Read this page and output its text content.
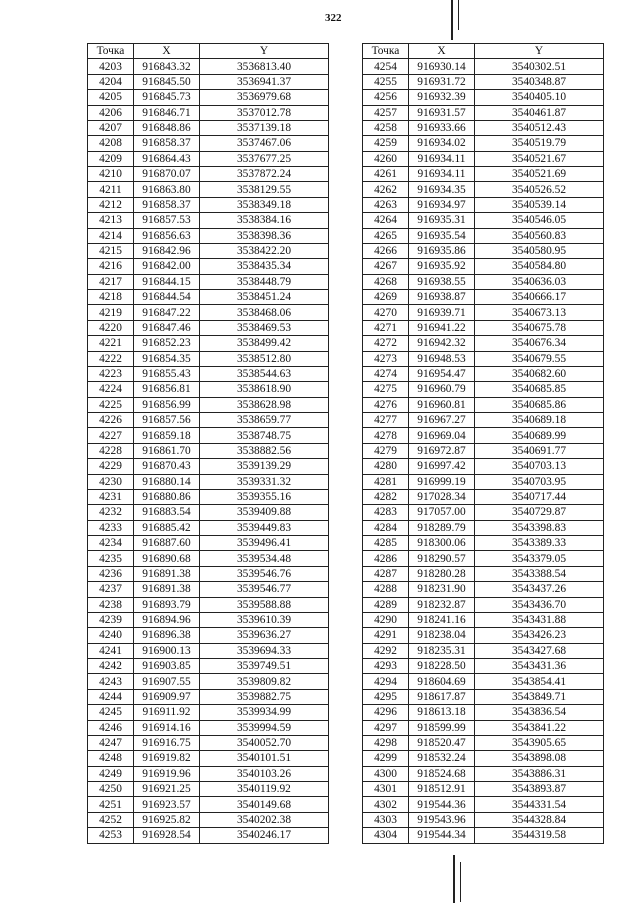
322
Точка	X	Y
4203	916843.32	3536813.40
4204	916845.50	3536941.37
4205	916845.73	3536979.68
4206	916846.71	3537012.78
4207	916848.86	3537139.18
4208	916858.37	3537467.06
4209	916864.43	3537677.25
4210	916870.07	3537872.24
4211	916863.80	3538129.55
4212	916858.37	3538349.18
4213	916857.53	3538384.16
4214	916856.63	3538398.36
4215	916842.96	3538422.20
4216	916842.00	3538435.34
4217	916844.15	3538448.79
4218	916844.54	3538451.24
4219	916847.22	3538468.06
4220	916847.46	3538469.53
4221	916852.23	3538499.42
4222	916854.35	3538512.80
4223	916855.43	3538544.63
4224	916856.81	3538618.90
4225	916856.99	3538628.98
4226	916857.56	3538659.77
4227	916859.18	3538748.75
4228	916861.70	3538882.56
4229	916870.43	3539139.29
4230	916880.14	3539331.32
4231	916880.86	3539355.16
4232	916883.54	3539409.88
4233	916885.42	3539449.83
4234	916887.60	3539496.41
4235	916890.68	3539534.48
4236	916891.38	3539546.76
4237	916891.38	3539546.77
4238	916893.79	3539588.88
4239	916894.96	3539610.39
4240	916896.38	3539636.27
4241	916900.13	3539694.33
4242	916903.85	3539749.51
4243	916907.55	3539809.82
4244	916909.97	3539882.75
4245	916911.92	3539934.99
4246	916914.16	3539994.59
4247	916916.75	3540052.70
4248	916919.82	3540101.51
4249	916919.96	3540103.26
4250	916921.25	3540119.92
4251	916923.57	3540149.68
4252	916925.82	3540202.38
4253	916928.54	3540246.17
Точка	X	Y
4254	916930.14	3540302.51
4255	916931.72	3540348.87
4256	916932.39	3540405.10
4257	916931.57	3540461.87
4258	916933.66	3540512.43
4259	916934.02	3540519.79
4260	916934.11	3540521.67
4261	916934.11	3540521.69
4262	916934.35	3540526.52
4263	916934.97	3540539.14
4264	916935.31	3540546.05
4265	916935.54	3540560.83
4266	916935.86	3540580.95
4267	916935.92	3540584.80
4268	916938.55	3540636.03
4269	916938.87	3540666.17
4270	916939.71	3540673.13
4271	916941.22	3540675.78
4272	916942.32	3540676.34
4273	916948.53	3540679.55
4274	916954.47	3540682.60
4275	916960.79	3540685.85
4276	916960.81	3540685.86
4277	916967.27	3540689.18
4278	916969.04	3540689.99
4279	916972.87	3540691.77
4280	916997.42	3540703.13
4281	916999.19	3540703.95
4282	917028.34	3540717.44
4283	917057.00	3540729.87
4284	918289.79	3543398.83
4285	918300.06	3543389.33
4286	918290.57	3543379.05
4287	918280.28	3543388.54
4288	918231.90	3543437.26
4289	918232.87	3543436.70
4290	918241.16	3543431.88
4291	918238.04	3543426.23
4292	918235.31	3543427.68
4293	918228.50	3543431.36
4294	918604.69	3543854.41
4295	918617.87	3543849.71
4296	918613.18	3543836.54
4297	918599.99	3543841.22
4298	918520.47	3543905.65
4299	918532.24	3543898.08
4300	918524.68	3543886.31
4301	918512.91	3543893.87
4302	919544.36	3544331.54
4303	919543.96	3544328.84
4304	919544.34	3544319.58
